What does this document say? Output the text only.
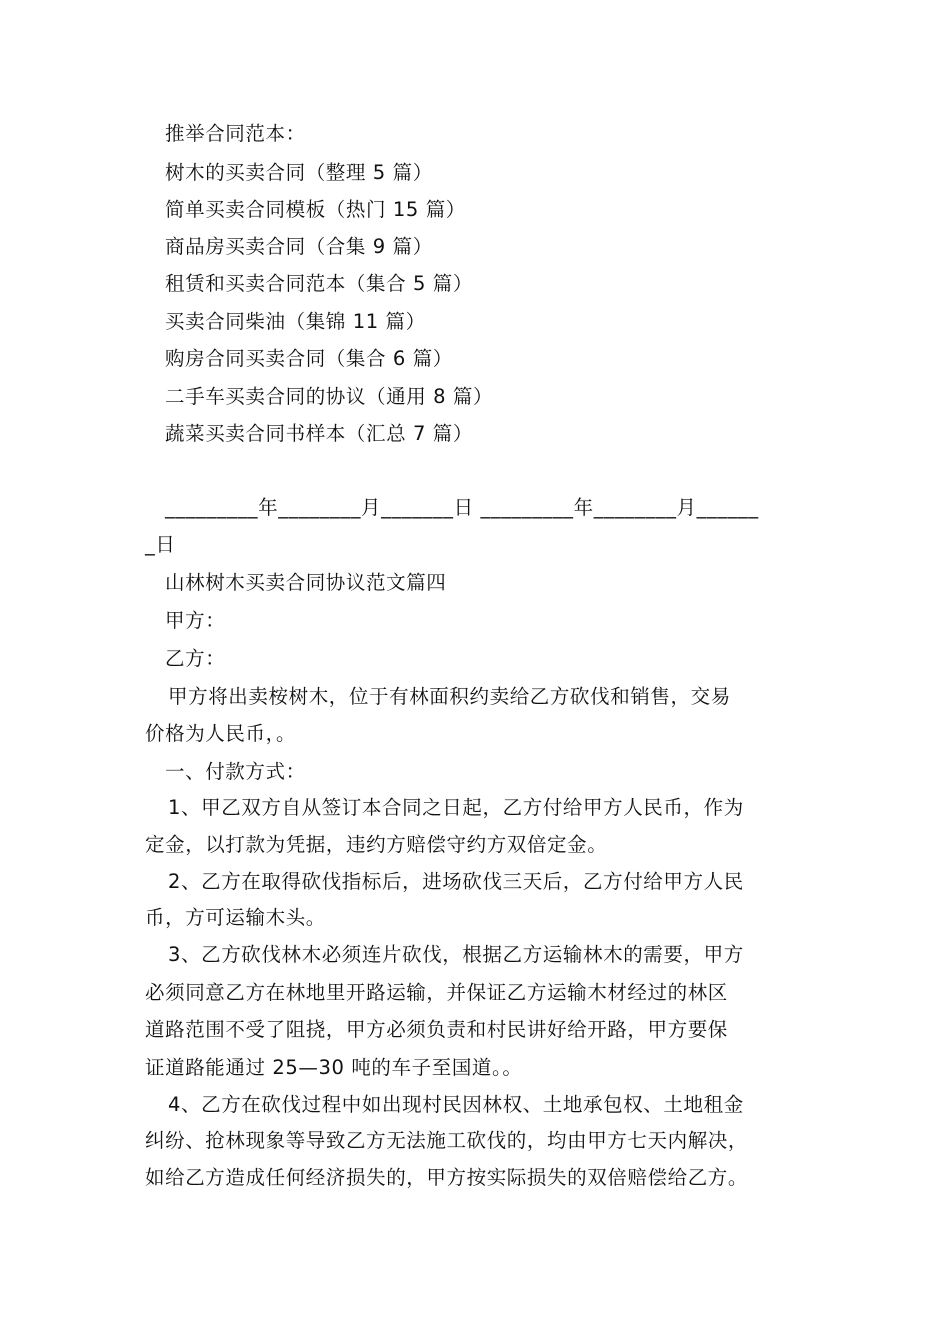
推举合同范本：
树木的买卖合同（整理 5 篇）
简单买卖合同模板（热门 15 篇）
商品房买卖合同（合集 9 篇）
租赁和买卖合同范本（集合 5 篇）
买卖合同柴油（集锦 11 篇）
购房合同买卖合同（集合 6 篇）
二手车买卖合同的协议（通用 8 篇）
蔬菜买卖合同书样本（汇总 7 篇）
_________年________月_______日 _________年________月______
_日
山林树木买卖合同协议范文篇四
甲方：
乙方：
甲方将出卖桉树木，位于有林面积约卖给乙方砍伐和销售，交易
价格为人民币，。
一、付款方式：
1、甲乙双方自从签订本合同之日起，乙方付给甲方人民币，作为
定金，以打款为凭据，违约方赔偿守约方双倍定金。
2、乙方在取得砍伐指标后，进场砍伐三天后，乙方付给甲方人民
币，方可运输木头。
3、乙方砍伐林木必须连片砍伐，根据乙方运输林木的需要，甲方
必须同意乙方在林地里开路运输，并保证乙方运输木材经过的林区
道路范围不受了阻挠，甲方必须负责和村民讲好给开路，甲方要保
证道路能通过 25—30 吨的车子至国道。。
4、乙方在砍伐过程中如出现村民因林权、土地承包权、土地租金
纠纷、抢林现象等导致乙方无法施工砍伐的，均由甲方七天内解决，
如给乙方造成任何经济损失的，甲方按实际损失的双倍赔偿给乙方。
